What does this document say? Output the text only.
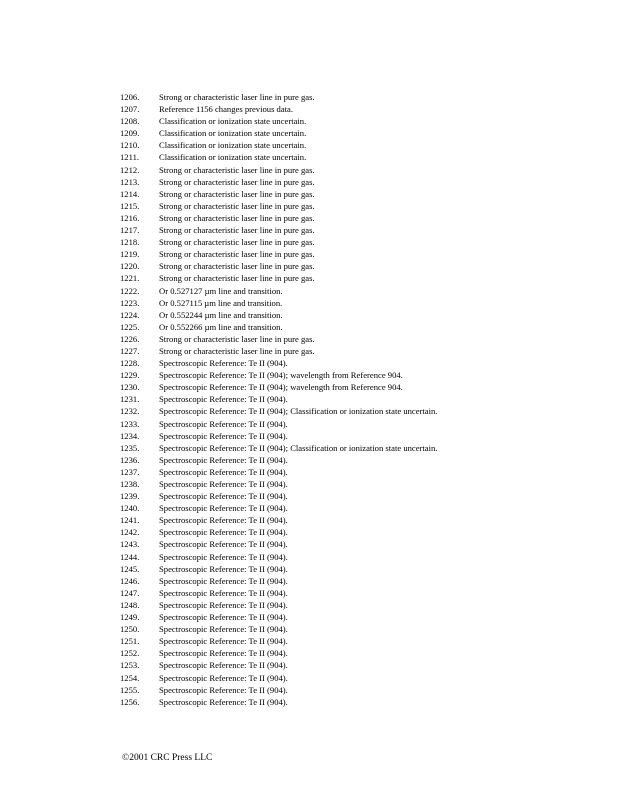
1206.	Strong or characteristic laser line in pure gas.
1207.	Reference 1156 changes previous data.
1208.	Classification or ionization state uncertain.
1209.	Classification or ionization state uncertain.
1210.	Classification or ionization state uncertain.
1211.	Classification or ionization state uncertain.
1212.	Strong or characteristic laser line in pure gas.
1213.	Strong or characteristic laser line in pure gas.
1214.	Strong or characteristic laser line in pure gas.
1215.	Strong or characteristic laser line in pure gas.
1216.	Strong or characteristic laser line in pure gas.
1217.	Strong or characteristic laser line in pure gas.
1218.	Strong or characteristic laser line in pure gas.
1219.	Strong or characteristic laser line in pure gas.
1220.	Strong or characteristic laser line in pure gas.
1221.	Strong or characteristic laser line in pure gas.
1222.	Or 0.527127 µm line and transition.
1223.	Or 0.527115 µm line and transition.
1224.	Or 0.552244 µm line and transition.
1225.	Or 0.552266 µm line and transition.
1226.	Strong or characteristic laser line in pure gas.
1227.	Strong or characteristic laser line in pure gas.
1228.	Spectroscopic Reference: Te II (904).
1229.	Spectroscopic Reference: Te II (904); wavelength from Reference 904.
1230.	Spectroscopic Reference: Te II (904); wavelength from Reference 904.
1231.	Spectroscopic Reference: Te II (904).
1232.	Spectroscopic Reference: Te II (904); Classification or ionization state uncertain.
1233.	Spectroscopic Reference: Te II (904).
1234.	Spectroscopic Reference: Te II (904).
1235.	Spectroscopic Reference: Te II (904); Classification or ionization state uncertain.
1236.	Spectroscopic Reference: Te II (904).
1237.	Spectroscopic Reference: Te II (904).
1238.	Spectroscopic Reference: Te II (904).
1239.	Spectroscopic Reference: Te II (904).
1240.	Spectroscopic Reference: Te II (904).
1241.	Spectroscopic Reference: Te II (904).
1242.	Spectroscopic Reference: Te II (904).
1243.	Spectroscopic Reference: Te II (904).
1244.	Spectroscopic Reference: Te II (904).
1245.	Spectroscopic Reference: Te II (904).
1246.	Spectroscopic Reference: Te II (904).
1247.	Spectroscopic Reference: Te II (904).
1248.	Spectroscopic Reference: Te II (904).
1249.	Spectroscopic Reference: Te II (904).
1250.	Spectroscopic Reference: Te II (904).
1251.	Spectroscopic Reference: Te II (904).
1252.	Spectroscopic Reference: Te II (904).
1253.	Spectroscopic Reference: Te II (904).
1254.	Spectroscopic Reference: Te II (904).
1255.	Spectroscopic Reference: Te II (904).
1256.	Spectroscopic Reference: Te II (904).
©2001 CRC Press LLC
